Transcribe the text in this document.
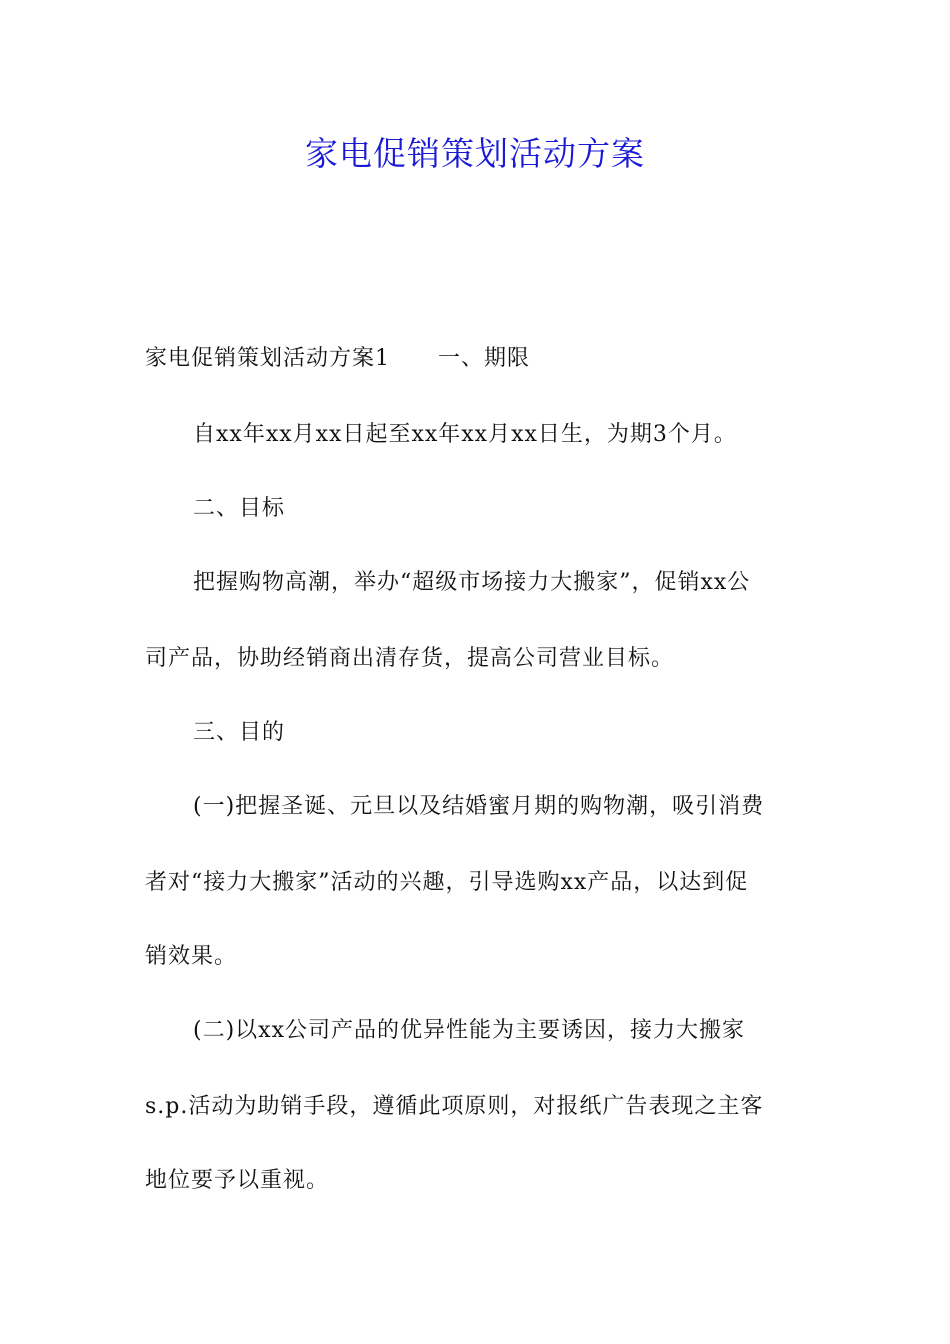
家电促销策划活动方案
家电促销策划活动方案1 一、期限
自xx年xx月xx日起至xx年xx月xx日生，为期3个月。
二、目标
把握购物高潮，举办“超级市场接力大搬家”，促销xx公
司产品，协助经销商出清存货，提高公司营业目标。
三、目的
(一)把握圣诞、元旦以及结婚蜜月期的购物潮，吸引消费
者对“接力大搬家”活动的兴趣，引导选购xx产品，以达到促
销效果。
(二)以xx公司产品的优异性能为主要诱因，接力大搬家
s.p.活动为助销手段，遵循此项原则，对报纸广告表现之主客
地位要予以重视。
